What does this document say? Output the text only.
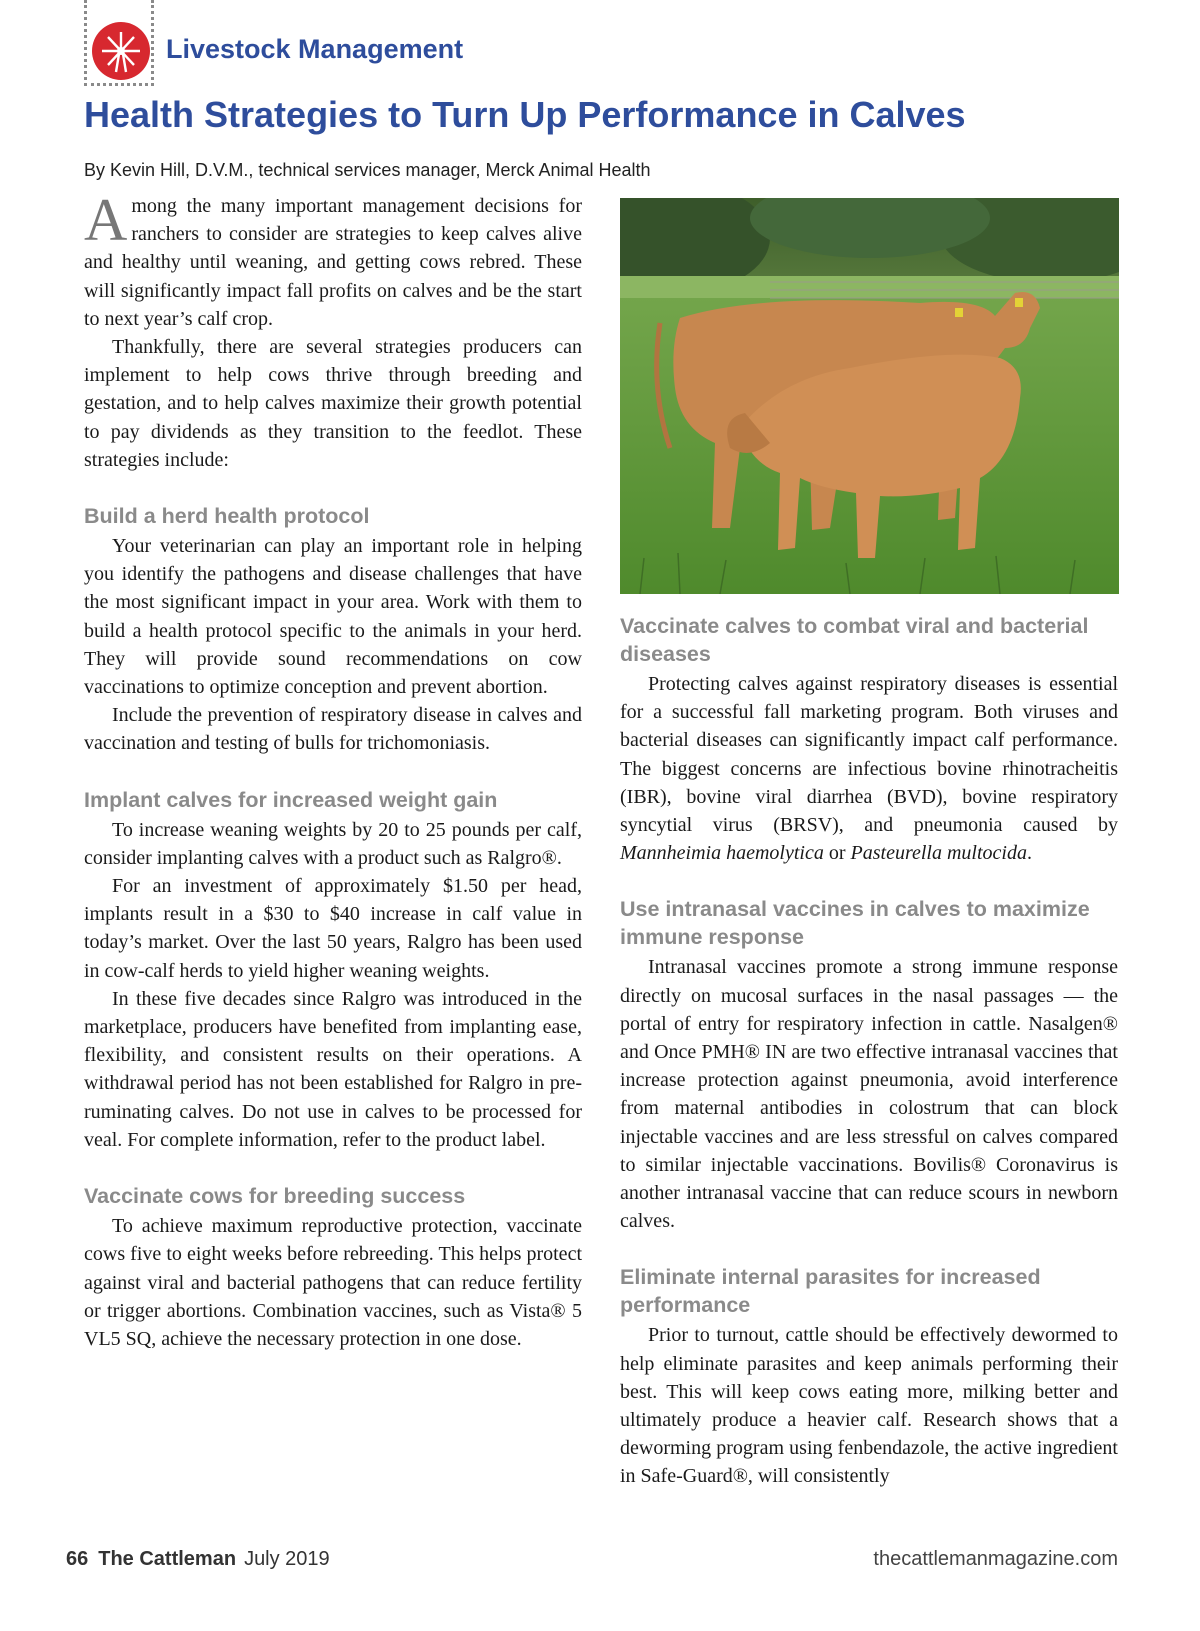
Livestock Management
Health Strategies to Turn Up Performance in Calves
By Kevin Hill, D.V.M., technical services manager, Merck Animal Health

Among the many important management decisions for ranchers to consider are strategies to keep calves alive and healthy until weaning, and getting cows rebred. These will significantly impact fall profits on calves and be the start to next year’s calf crop.

Thankfully, there are several strategies producers can implement to help cows thrive through breeding and gestation, and to help calves maximize their growth potential to pay dividends as they transition to the feedlot. These strategies include:

Build a herd health protocol

Your veterinarian can play an important role in helping you identify the pathogens and disease challenges that have the most significant impact in your area. Work with them to build a health protocol specific to the animals in your herd. They will provide sound recommendations on cow vaccinations to optimize conception and prevent abortion.

Include the prevention of respiratory disease in calves and vaccination and testing of bulls for trichomoniasis.

Implant calves for increased weight gain

To increase weaning weights by 20 to 25 pounds per calf, consider implanting calves with a product such as Ralgro®.

For an investment of approximately $1.50 per head, implants result in a $30 to $40 increase in calf value in today’s market. Over the last 50 years, Ralgro has been used in cow-calf herds to yield higher weaning weights.

In these five decades since Ralgro was introduced in the marketplace, producers have benefited from implanting ease, flexibility, and consistent results on their operations. A withdrawal period has not been established for Ralgro in pre-ruminating calves. Do not use in calves to be processed for veal. For complete information, refer to the product label.

Vaccinate cows for breeding success

To achieve maximum reproductive protection, vaccinate cows five to eight weeks before rebreeding. This helps protect against viral and bacterial pathogens that can reduce fertility or trigger abortions. Combination vaccines, such as Vista® 5 VL5 SQ, achieve the necessary protection in one dose.

Vaccinate calves to combat viral and bacterial diseases

Protecting calves against respiratory diseases is essential for a successful fall marketing program. Both viruses and bacterial diseases can significantly impact calf performance. The biggest concerns are infectious bovine rhinotracheitis (IBR), bovine viral diarrhea (BVD), bovine respiratory syncytial virus (BRSV), and pneumonia caused by Mannheimia haemolytica or Pasteurella multocida.

Use intranasal vaccines in calves to maximize immune response

Intranasal vaccines promote a strong immune response directly on mucosal surfaces in the nasal passages — the portal of entry for respiratory infection in cattle. Nasalgen® and Once PMH® IN are two effective intranasal vaccines that increase protection against pneumonia, avoid interference from maternal antibodies in colostrum that can block injectable vaccines and are less stressful on calves compared to similar injectable vaccinations. Bovilis® Coronavirus is another intranasal vaccine that can reduce scours in newborn calves.

Eliminate internal parasites for increased performance

Prior to turnout, cattle should be effectively dewormed to help eliminate parasites and keep animals performing their best. This will keep cows eating more, milking better and ultimately produce a heavier calf. Research shows that a deworming program using fenbendazole, the active ingredient in Safe-Guard®, will consistently

66 The Cattleman July 2019	thecattlemanmagazine.com
